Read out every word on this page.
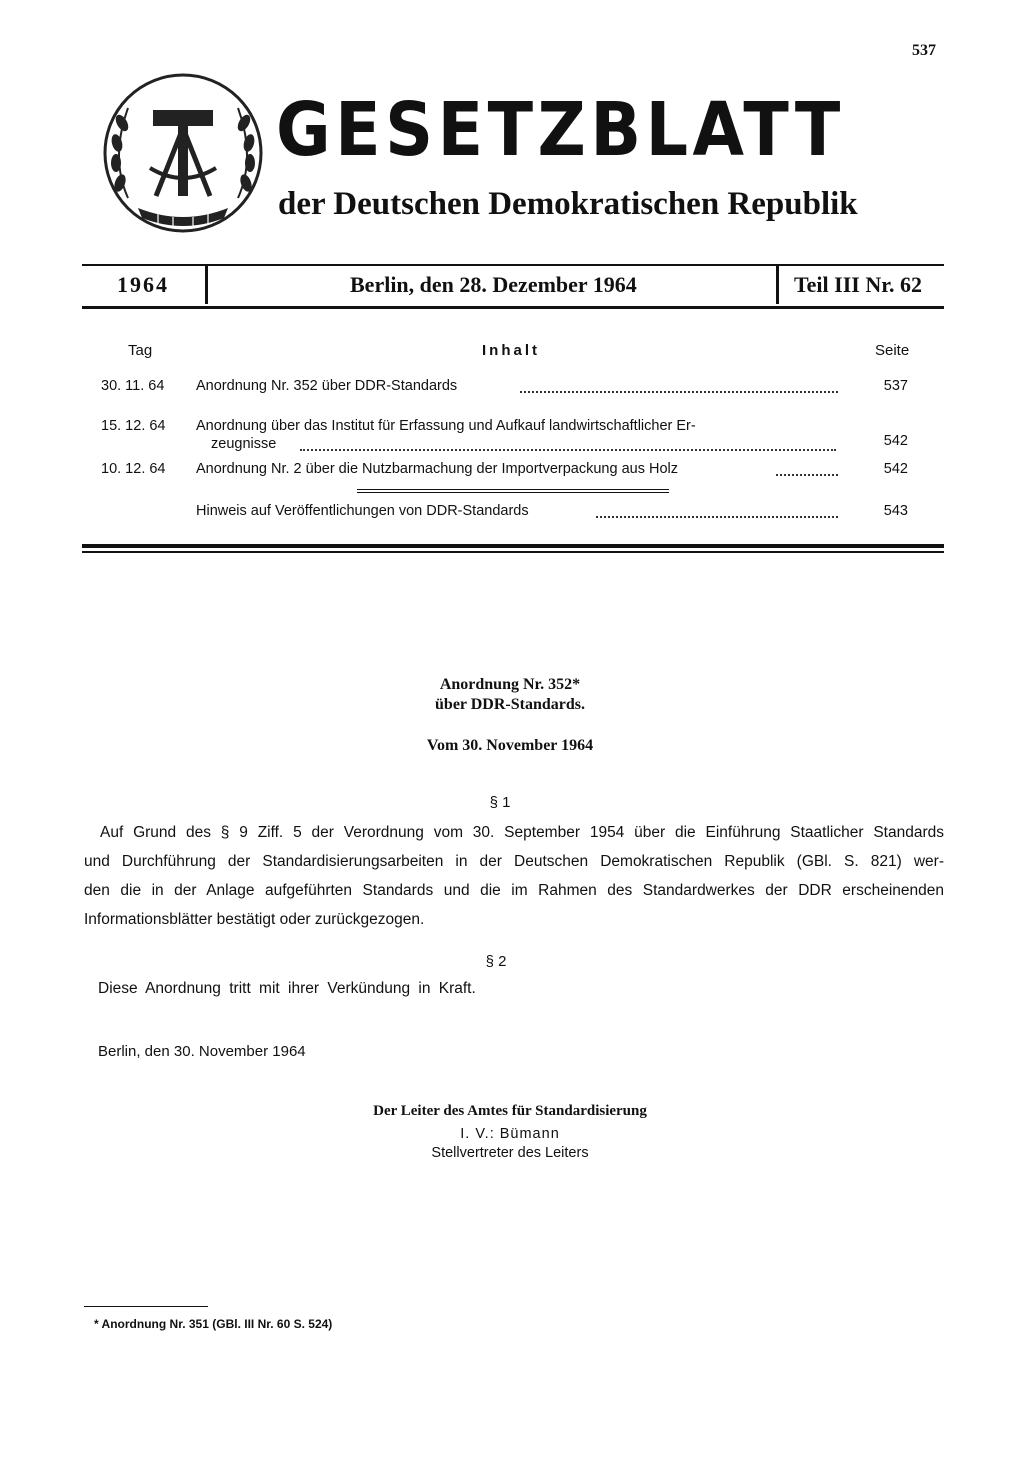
537
GESETZBLATT
der Deutschen Demokratischen Republik
1964	Berlin, den 28. Dezember 1964	Teil III Nr. 62
Tag	Inhalt	Seite
30. 11. 64	Anordnung Nr. 352 über DDR-Standards	537
15. 12. 64	Anordnung über das Institut für Erfassung und Aufkauf landwirtschaftlicher Er-
zeugnisse	542
10. 12. 64	Anordnung Nr. 2 über die Nutzbarmachung der Importverpackung aus Holz	542
Hinweis auf Veröffentlichungen von DDR-Standards	543
Anordnung Nr. 352*
über DDR-Standards.
Vom 30. November 1964
§ 1
Auf Grund des § 9 Ziff. 5 der Verordnung vom 30. September 1954 über die Einführung Staatlicher Standards
und Durchführung der Standardisierungsarbeiten in der Deutschen Demokratischen Republik (GBl. S. 821) wer-
den die in der Anlage aufgeführten Standards und die im Rahmen des Standardwerkes der DDR erscheinenden
Informationsblätter bestätigt oder zurückgezogen.
§ 2
Diese Anordnung tritt mit ihrer Verkündung in Kraft.
Berlin, den 30. November 1964
Der Leiter des Amtes für Standardisierung
I. V.: Bümann
Stellvertreter des Leiters
* Anordnung Nr. 351 (GBl. III Nr. 60 S. 524)
